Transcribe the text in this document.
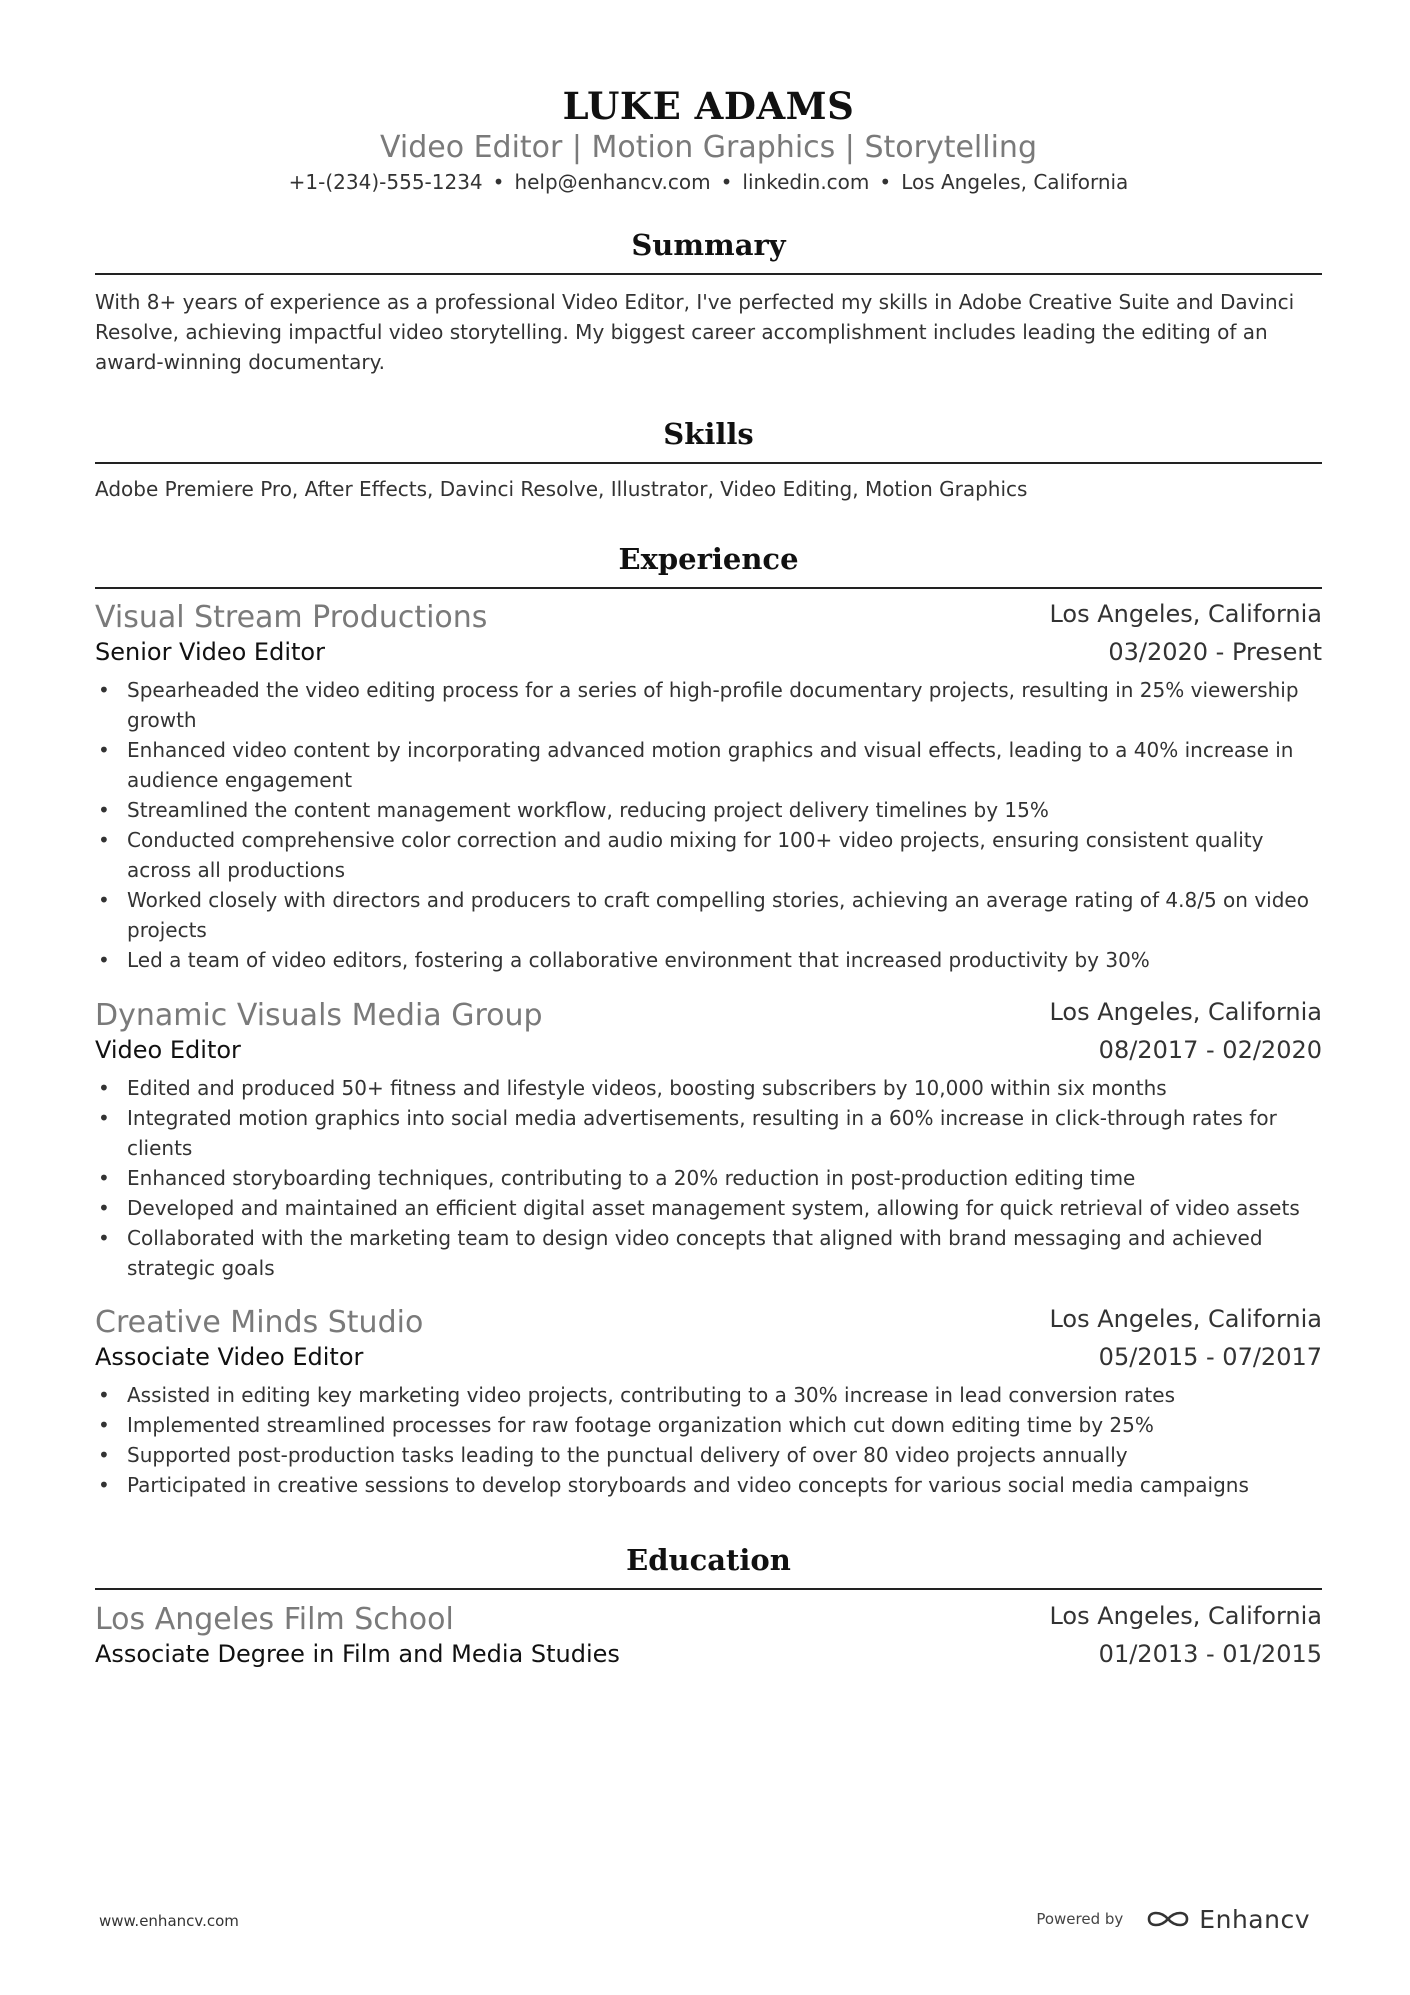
LUKE ADAMS
Video Editor | Motion Graphics | Storytelling
+1-(234)-555-1234 • help@enhancv.com • linkedin.com • Los Angeles, California
Summary
With 8+ years of experience as a professional Video Editor, I've perfected my skills in Adobe Creative Suite and Davinci Resolve, achieving impactful video storytelling. My biggest career accomplishment includes leading the editing of an award-winning documentary.
Skills
Adobe Premiere Pro, After Effects, Davinci Resolve, Illustrator, Video Editing, Motion Graphics
Experience
Visual Stream Productions	Los Angeles, California
Senior Video Editor	03/2020 - Present
• Spearheaded the video editing process for a series of high-profile documentary projects, resulting in 25% viewership growth
• Enhanced video content by incorporating advanced motion graphics and visual effects, leading to a 40% increase in audience engagement
• Streamlined the content management workflow, reducing project delivery timelines by 15%
• Conducted comprehensive color correction and audio mixing for 100+ video projects, ensuring consistent quality across all productions
• Worked closely with directors and producers to craft compelling stories, achieving an average rating of 4.8/5 on video projects
• Led a team of video editors, fostering a collaborative environment that increased productivity by 30%
Dynamic Visuals Media Group	Los Angeles, California
Video Editor	08/2017 - 02/2020
• Edited and produced 50+ fitness and lifestyle videos, boosting subscribers by 10,000 within six months
• Integrated motion graphics into social media advertisements, resulting in a 60% increase in click-through rates for clients
• Enhanced storyboarding techniques, contributing to a 20% reduction in post-production editing time
• Developed and maintained an efficient digital asset management system, allowing for quick retrieval of video assets
• Collaborated with the marketing team to design video concepts that aligned with brand messaging and achieved strategic goals
Creative Minds Studio	Los Angeles, California
Associate Video Editor	05/2015 - 07/2017
• Assisted in editing key marketing video projects, contributing to a 30% increase in lead conversion rates
• Implemented streamlined processes for raw footage organization which cut down editing time by 25%
• Supported post-production tasks leading to the punctual delivery of over 80 video projects annually
• Participated in creative sessions to develop storyboards and video concepts for various social media campaigns
Education
Los Angeles Film School	Los Angeles, California
Associate Degree in Film and Media Studies	01/2013 - 01/2015
www.enhancv.com	Powered by	Enhancv
